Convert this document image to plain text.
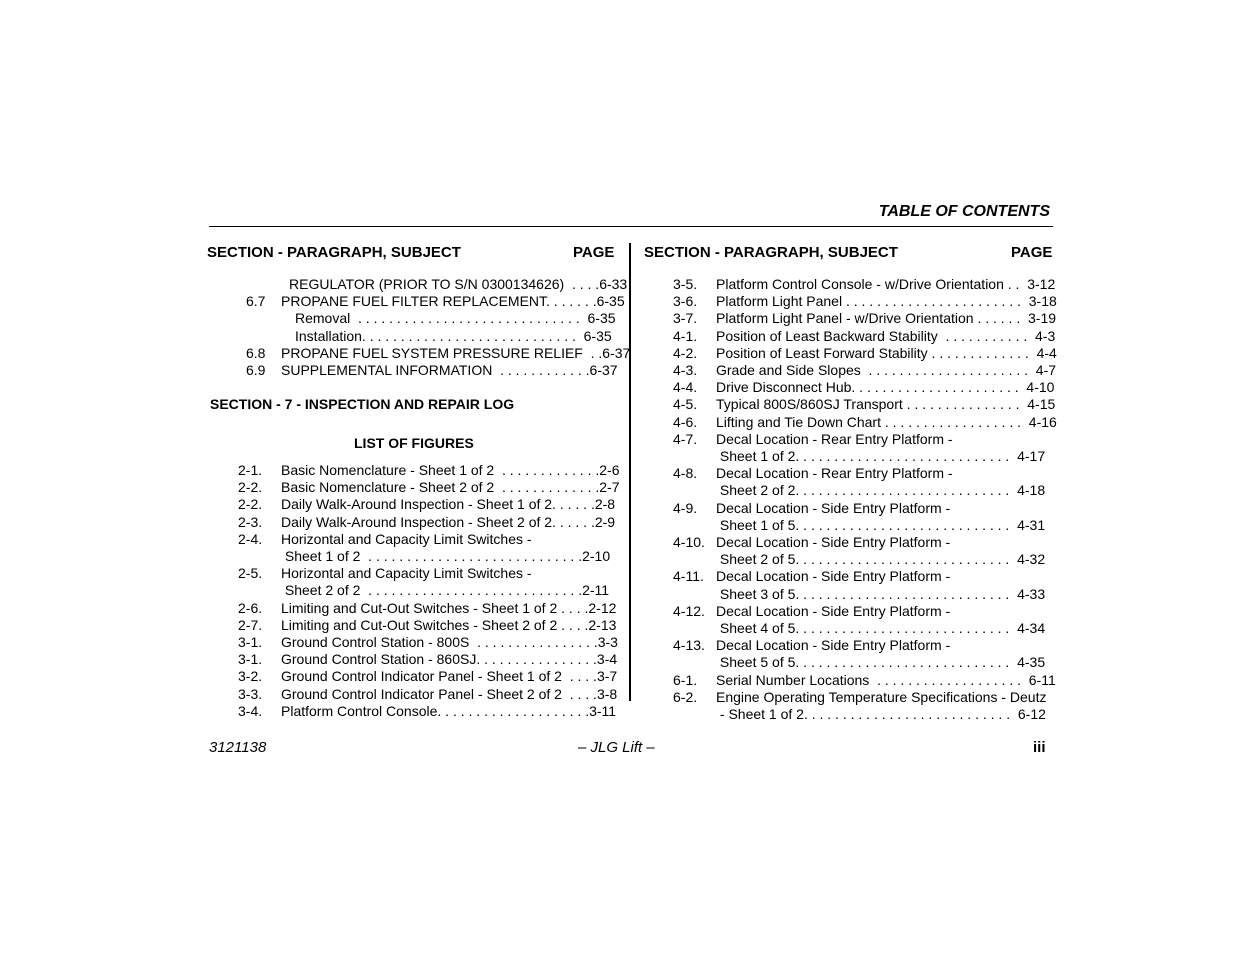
TABLE OF CONTENTS
SECTION - PARAGRAPH, SUBJECT	PAGE SECTION - PARAGRAPH, SUBJECT	PAGE
REGULATOR (PRIOR TO S/N 0300134626)  . . . .6-33
6.7 PROPANE FUEL FILTER REPLACEMENT. . . . . . .6-35
Removal  . . . . . . . . . . . . . . . . . . . . . . . . . . . . .  6-35
Installation. . . . . . . . . . . . . . . . . . . . . . . . . . . .  6-35
6.8 PROPANE FUEL SYSTEM PRESSURE RELIEF  . .6-37
6.9 SUPPLEMENTAL INFORMATION  . . . . . . . . . . . .6-37
SECTION - 7 - INSPECTION AND REPAIR LOG
LIST OF FIGURES
2-1. Basic Nomenclature - Sheet 1 of 2  . . . . . . . . . . . . .2-6
2-2. Basic Nomenclature - Sheet 2 of 2  . . . . . . . . . . . . .2-7
2-2. Daily Walk-Around Inspection - Sheet 1 of 2. . . . . .2-8
2-3. Daily Walk-Around Inspection - Sheet 2 of 2. . . . . .2-9
2-4. Horizontal and Capacity Limit Switches -
Sheet 1 of 2  . . . . . . . . . . . . . . . . . . . . . . . . . . . .2-10
2-5. Horizontal and Capacity Limit Switches -
Sheet 2 of 2  . . . . . . . . . . . . . . . . . . . . . . . . . . . .2-11
2-6. Limiting and Cut-Out Switches - Sheet 1 of 2 . . . .2-12
2-7. Limiting and Cut-Out Switches - Sheet 2 of 2 . . . .2-13
3-1. Ground Control Station - 800S  . . . . . . . . . . . . . . . .3-3
3-1. Ground Control Station - 860SJ. . . . . . . . . . . . . . . .3-4
3-2. Ground Control Indicator Panel - Sheet 1 of 2  . . . .3-7
3-3. Ground Control Indicator Panel - Sheet 2 of 2  . . . .3-8
3-4. Platform Control Console. . . . . . . . . . . . . . . . . . . .3-11
3-5. Platform Control Console - w/Drive Orientation . .  3-12
3-6. Platform Light Panel . . . . . . . . . . . . . . . . . . . . . . .  3-18
3-7. Platform Light Panel - w/Drive Orientation . . . . . .  3-19
4-1. Position of Least Backward Stability  . . . . . . . . . . .  4-3
4-2. Position of Least Forward Stability . . . . . . . . . . . . .  4-4
4-3. Grade and Side Slopes  . . . . . . . . . . . . . . . . . . . . .  4-7
4-4. Drive Disconnect Hub. . . . . . . . . . . . . . . . . . . . . .  4-10
4-5. Typical 800S/860SJ Transport . . . . . . . . . . . . . . .  4-15
4-6. Lifting and Tie Down Chart . . . . . . . . . . . . . . . . . .  4-16
4-7. Decal Location - Rear Entry Platform -
Sheet 1 of 2. . . . . . . . . . . . . . . . . . . . . . . . . . . .  4-17
4-8. Decal Location - Rear Entry Platform -
Sheet 2 of 2. . . . . . . . . . . . . . . . . . . . . . . . . . . .  4-18
4-9. Decal Location - Side Entry Platform -
Sheet 1 of 5. . . . . . . . . . . . . . . . . . . . . . . . . . . .  4-31
4-10. Decal Location - Side Entry Platform -
Sheet 2 of 5. . . . . . . . . . . . . . . . . . . . . . . . . . . .  4-32
4-11. Decal Location - Side Entry Platform -
Sheet 3 of 5. . . . . . . . . . . . . . . . . . . . . . . . . . . .  4-33
4-12. Decal Location - Side Entry Platform -
Sheet 4 of 5. . . . . . . . . . . . . . . . . . . . . . . . . . . .  4-34
4-13. Decal Location - Side Entry Platform -
Sheet 5 of 5. . . . . . . . . . . . . . . . . . . . . . . . . . . .  4-35
6-1. Serial Number Locations  . . . . . . . . . . . . . . . . . . .  6-11
6-2. Engine Operating Temperature Specifications - Deutz
- Sheet 1 of 2. . . . . . . . . . . . . . . . . . . . . . . . . . .  6-12
3121138	– JLG Lift –	iii
